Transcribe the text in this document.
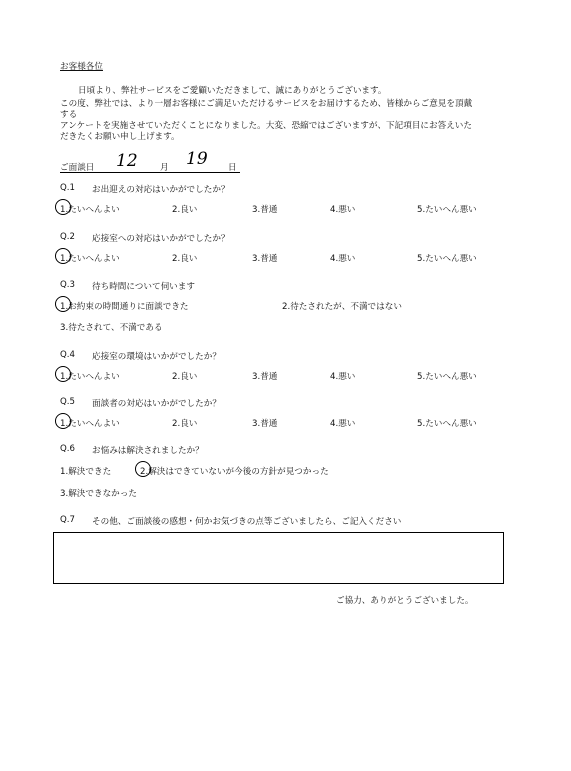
お客様各位
日頃より、弊社サービスをご愛顧いただきまして、誠にありがとうございます。
この度、弊社では、より一層お客様にご満足いただけるサービスをお届けするため、皆様からご意見を頂戴
する
アンケートを実施させていただくことになりました。大変、恐縮ではございますが、下記項目にお答えいた
だきたくお願い申し上げます。
ご面談日 12	月 19 日
Q.1 お出迎えの対応はいかがでしたか？
1.たいへんよい	2.良い	3.普通	4.悪い	5.たいへん悪い
Q.2 応接室への対応はいかがでしたか？
1.たいへんよい	2.良い	3.普通	4.悪い	5.たいへん悪い
Q.3 待ち時間について伺います
1.お約束の時間通りに面談できた	2.待たされたが、不満ではない
3.待たされて、不満である
Q.4 応接室の環境はいかがでしたか？
1.たいへんよい	2.良い	3.普通	4.悪い	5.たいへん悪い
Q.5 面談者の対応はいかがでしたか？
1.たいへんよい	2.良い	3.普通	4.悪い	5.たいへん悪い
Q.6 お悩みは解決されましたか？
1.解決できた	2.解決はできていないが今後の方針が見つかった
3.解決できなかった
Q.7 その他、ご面談後の感想・何かお気づきの点等ございましたら、ご記入ください
ご協力、ありがとうございました。
